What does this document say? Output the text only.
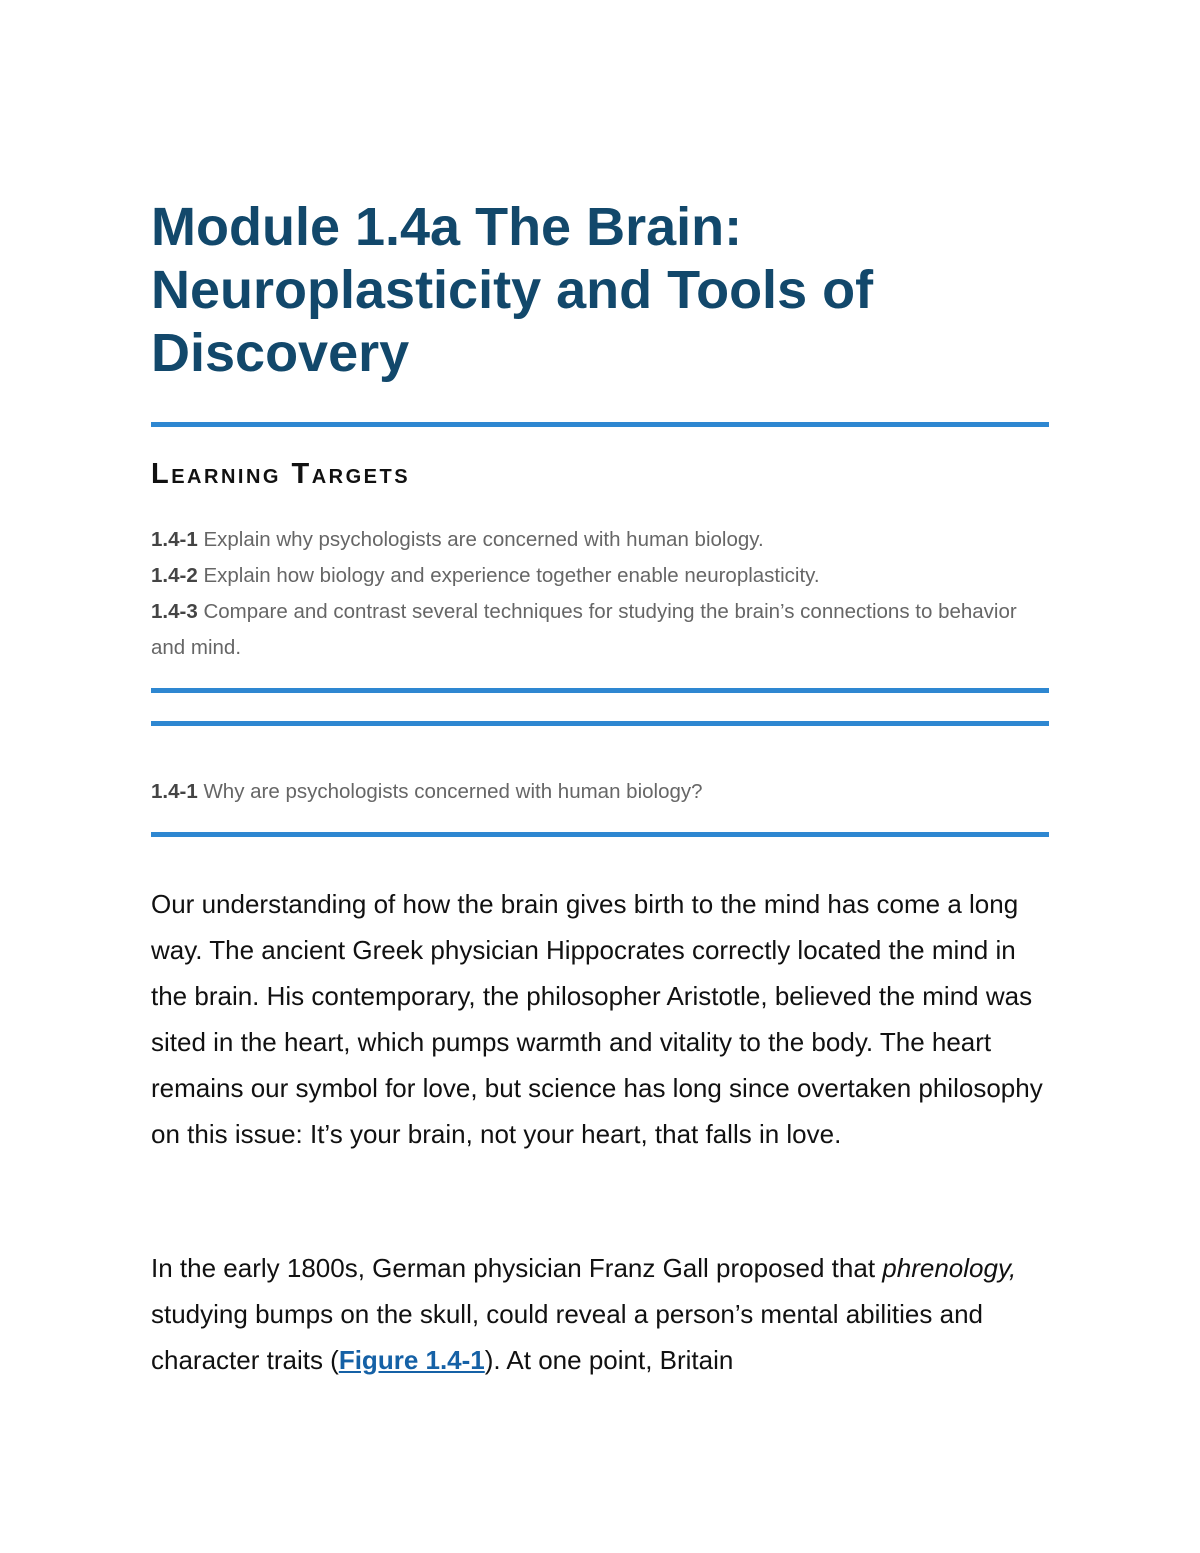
Module 1.4a The Brain: Neuroplasticity and Tools of Discovery
Learning Targets
1.4-1 Explain why psychologists are concerned with human biology.
1.4-2 Explain how biology and experience together enable neuroplasticity.
1.4-3 Compare and contrast several techniques for studying the brain’s connections to behavior and mind.

1.4-1 Why are psychologists concerned with human biology?

Our understanding of how the brain gives birth to the mind has come a long way. The ancient Greek physician Hippocrates correctly located the mind in the brain. His contemporary, the philosopher Aristotle, believed the mind was sited in the heart, which pumps warmth and vitality to the body. The heart remains our symbol for love, but science has long since overtaken philosophy on this issue: It’s your brain, not your heart, that falls in love.

In the early 1800s, German physician Franz Gall proposed that phrenology, studying bumps on the skull, could reveal a person’s mental abilities and character traits (Figure 1.4-1). At one point, Britain
